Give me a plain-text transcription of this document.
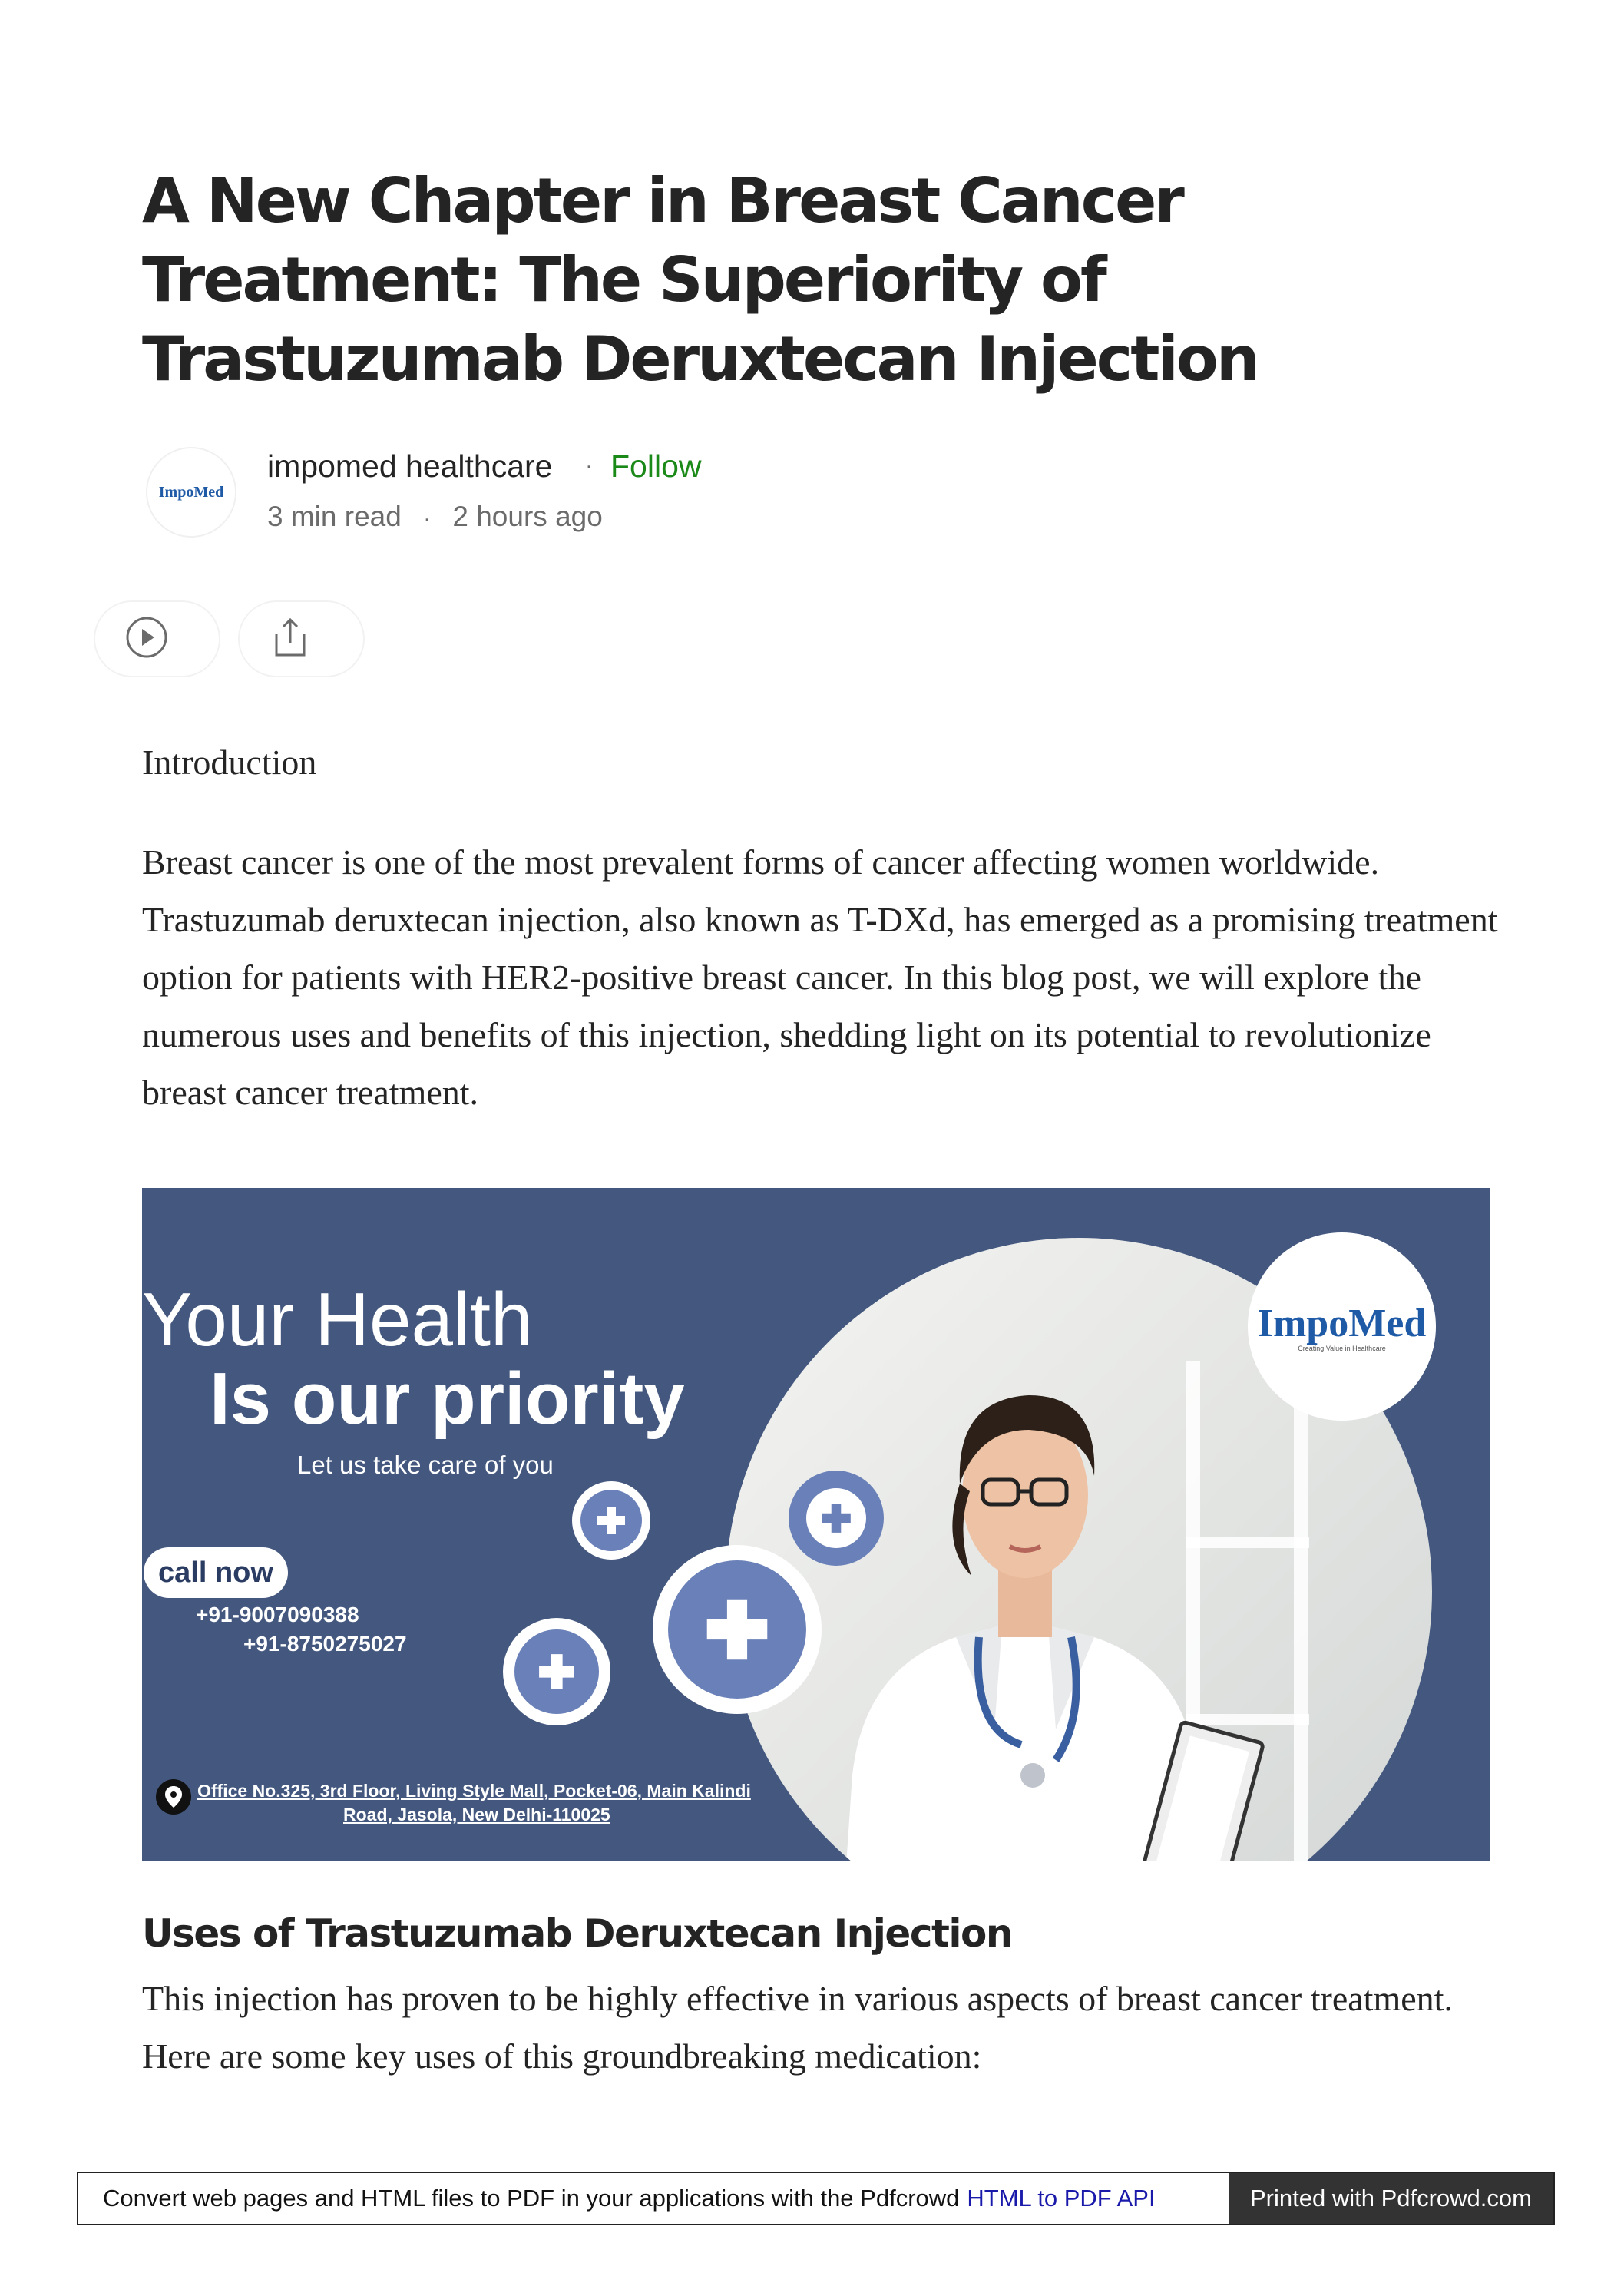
A New Chapter in Breast Cancer Treatment: The Superiority of Trastuzumab Deruxtecan Injection
ImpoMed
impomed healthcare · Follow
3 min read · 2 hours ago

Introduction

Breast cancer is one of the most prevalent forms of cancer affecting women worldwide. Trastuzumab deruxtecan injection, also known as T-DXd, has emerged as a promising treatment option for patients with HER2-positive breast cancer. In this blog post, we will explore the numerous uses and benefits of this injection, shedding light on its potential to revolutionize breast cancer treatment.

ImpoMed
Creating Value in Healthcare
Your Health
Is our priority
Let us take care of you
call now
+91-9007090388
+91-8750275027
Office No.325, 3rd Floor, Living Style Mall, Pocket-06, Main Kalindi
Road, Jasola, New Delhi-110025
Uses of Trastuzumab Deruxtecan Injection

This injection has proven to be highly effective in various aspects of breast cancer treatment. Here are some key uses of this groundbreaking medication:

Convert web pages and HTML files to PDF in your applications with the Pdfcrowd HTML to PDF API	Printed with Pdfcrowd.com
